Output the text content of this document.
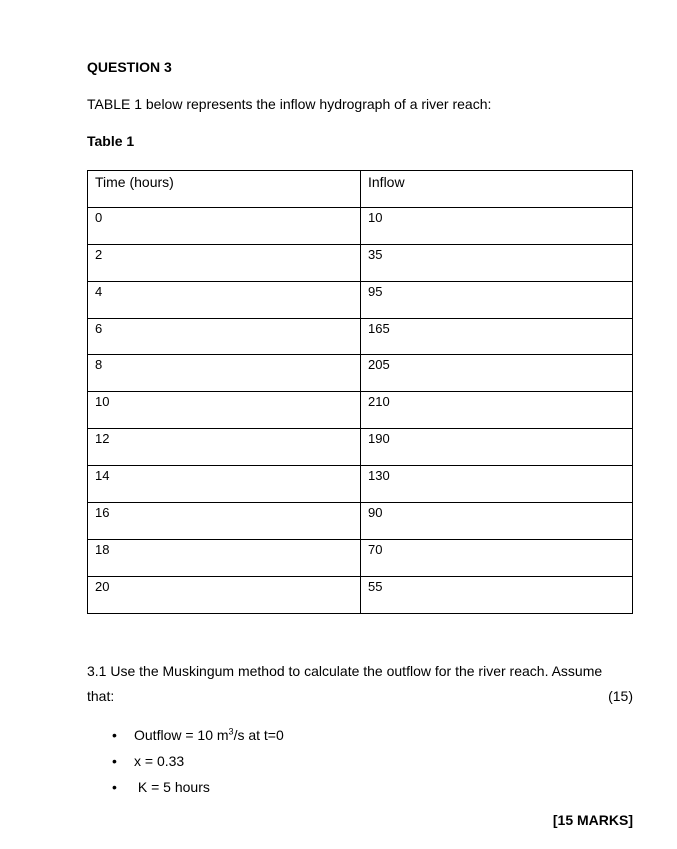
QUESTION 3
TABLE 1 below represents the inflow hydrograph of a river reach:
Table 1
Time (hours)	Inflow
0	10
2	35
4	95
6	165
8	205
10	210
12	190
14	130
16	90
18	70
20	55
3.1 Use the Muskingum method to calculate the outflow for the river reach. Assume
that:	(15)
• Outflow = 10 $m^3/s$ at t=0
• x = 0.33
• K = 5 hours
[15 MARKS]
